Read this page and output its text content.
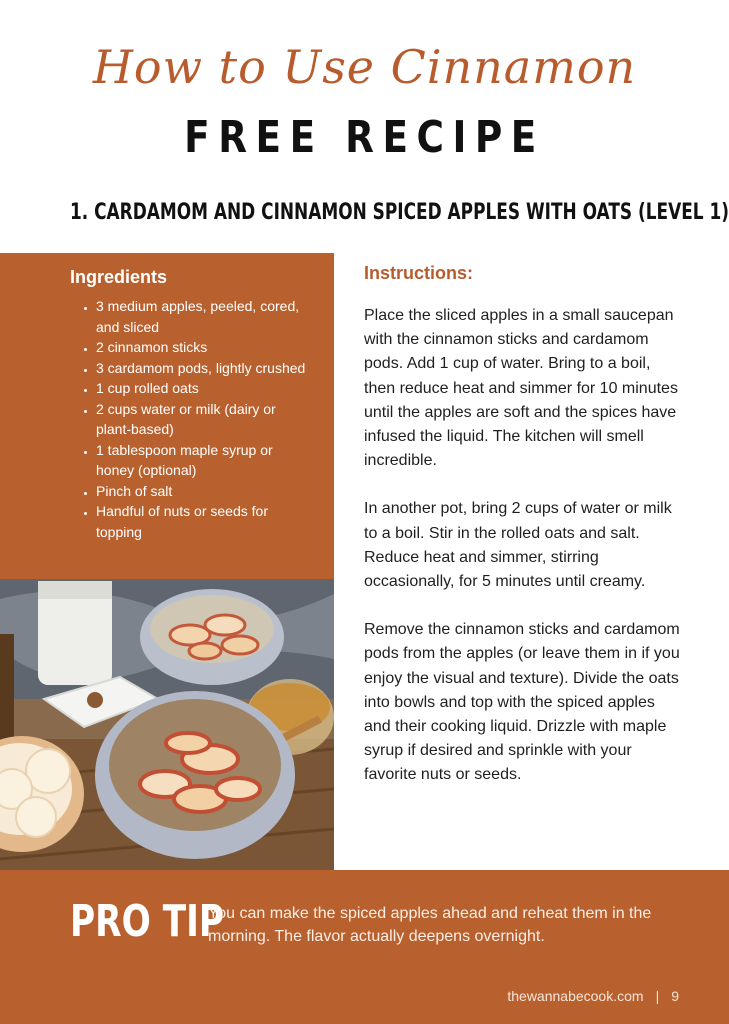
How to Use Cinnamon
FREE RECIPE
1. CARDAMOM AND CINNAMON SPICED APPLES WITH OATS (LEVEL 1)
Ingredients
• 3 medium apples, peeled, cored, and sliced
• 2 cinnamon sticks
• 3 cardamom pods, lightly crushed
• 1 cup rolled oats
• 2 cups water or milk (dairy or plant-based)
• 1 tablespoon maple syrup or honey (optional)
• Pinch of salt
• Handful of nuts or seeds for topping
Instructions:

Place the sliced apples in a small saucepan with the cinnamon sticks and cardamom pods. Add 1 cup of water. Bring to a boil, then reduce heat and simmer for 10 minutes until the apples are soft and the spices have infused the liquid. The kitchen will smell incredible.

In another pot, bring 2 cups of water or milk to a boil. Stir in the rolled oats and salt. Reduce heat and simmer, stirring occasionally, for 5 minutes until creamy.

Remove the cinnamon sticks and cardamom pods from the apples (or leave them in if you enjoy the visual and texture). Divide the oats into bowls and top with the spiced apples and their cooking liquid. Drizzle with maple syrup if desired and sprinkle with your favorite nuts or seeds.

PRO TIP

You can make the spiced apples ahead and reheat them in the morning. The flavor actually deepens overnight.

thewannabecook.com | 9
